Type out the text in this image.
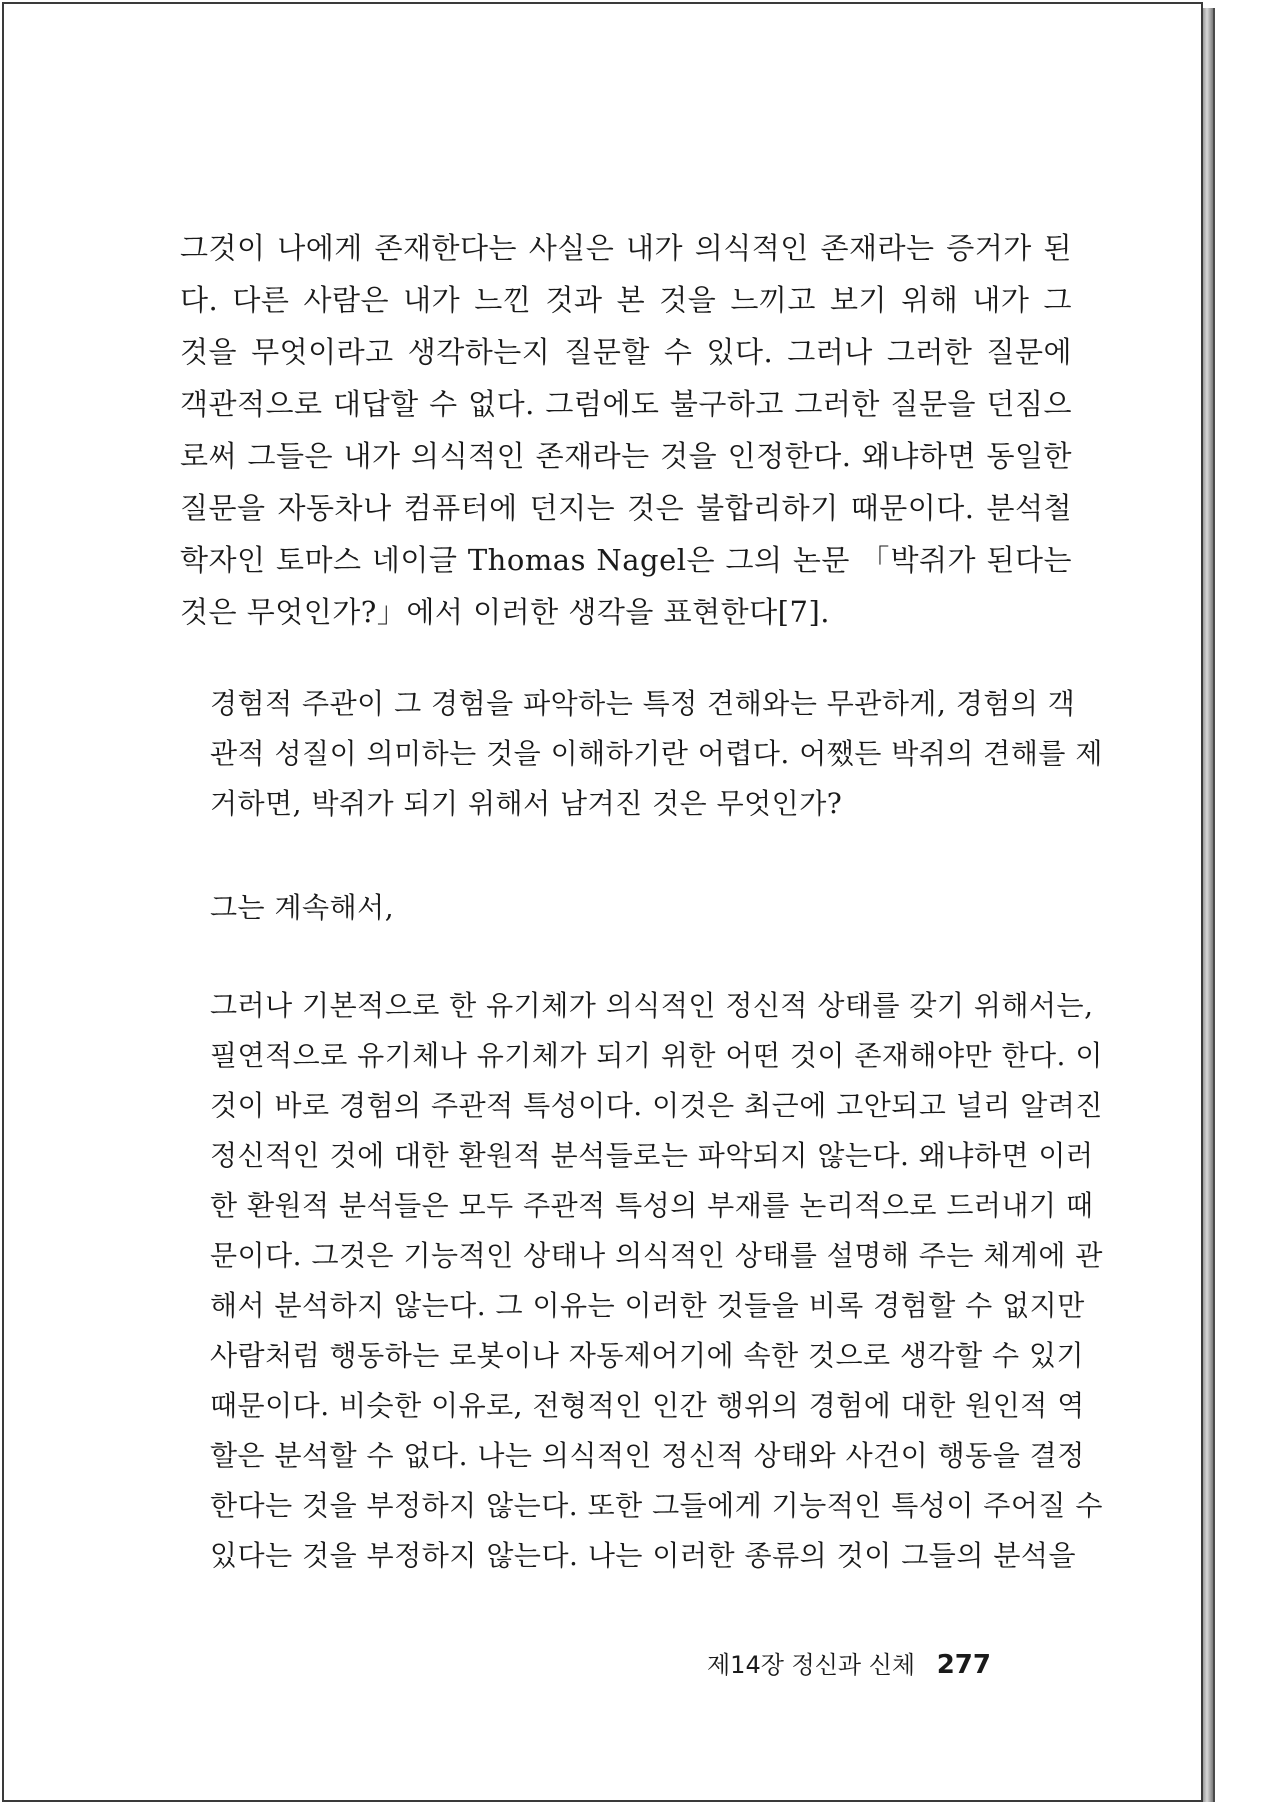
그것이 나에게 존재한다는 사실은 내가 의식적인 존재라는 증거가 된
다. 다른 사람은 내가 느낀 것과 본 것을 느끼고 보기 위해 내가 그
것을 무엇이라고 생각하는지 질문할 수 있다. 그러나 그러한 질문에
객관적으로 대답할 수 없다. 그럼에도 불구하고 그러한 질문을 던짐으
로써 그들은 내가 의식적인 존재라는 것을 인정한다. 왜냐하면 동일한
질문을 자동차나 컴퓨터에 던지는 것은 불합리하기 때문이다. 분석철
학자인 토마스 네이글 Thomas Nagel은 그의 논문 「박쥐가 된다는
것은 무엇인가?」에서 이러한 생각을 표현한다[7].
경험적 주관이 그 경험을 파악하는 특정 견해와는 무관하게, 경험의 객
관적 성질이 의미하는 것을 이해하기란 어렵다. 어쨌든 박쥐의 견해를 제
거하면, 박쥐가 되기 위해서 남겨진 것은 무엇인가?
그는 계속해서,
그러나 기본적으로 한 유기체가 의식적인 정신적 상태를 갖기 위해서는,
필연적으로 유기체나 유기체가 되기 위한 어떤 것이 존재해야만 한다. 이
것이 바로 경험의 주관적 특성이다. 이것은 최근에 고안되고 널리 알려진
정신적인 것에 대한 환원적 분석들로는 파악되지 않는다. 왜냐하면 이러
한 환원적 분석들은 모두 주관적 특성의 부재를 논리적으로 드러내기 때
문이다. 그것은 기능적인 상태나 의식적인 상태를 설명해 주는 체계에 관
해서 분석하지 않는다. 그 이유는 이러한 것들을 비록 경험할 수 없지만
사람처럼 행동하는 로봇이나 자동제어기에 속한 것으로 생각할 수 있기
때문이다. 비슷한 이유로, 전형적인 인간 행위의 경험에 대한 원인적 역
할은 분석할 수 없다. 나는 의식적인 정신적 상태와 사건이 행동을 결정
한다는 것을 부정하지 않는다. 또한 그들에게 기능적인 특성이 주어질 수
있다는 것을 부정하지 않는다. 나는 이러한 종류의 것이 그들의 분석을
제14장 정신과 신체 277
